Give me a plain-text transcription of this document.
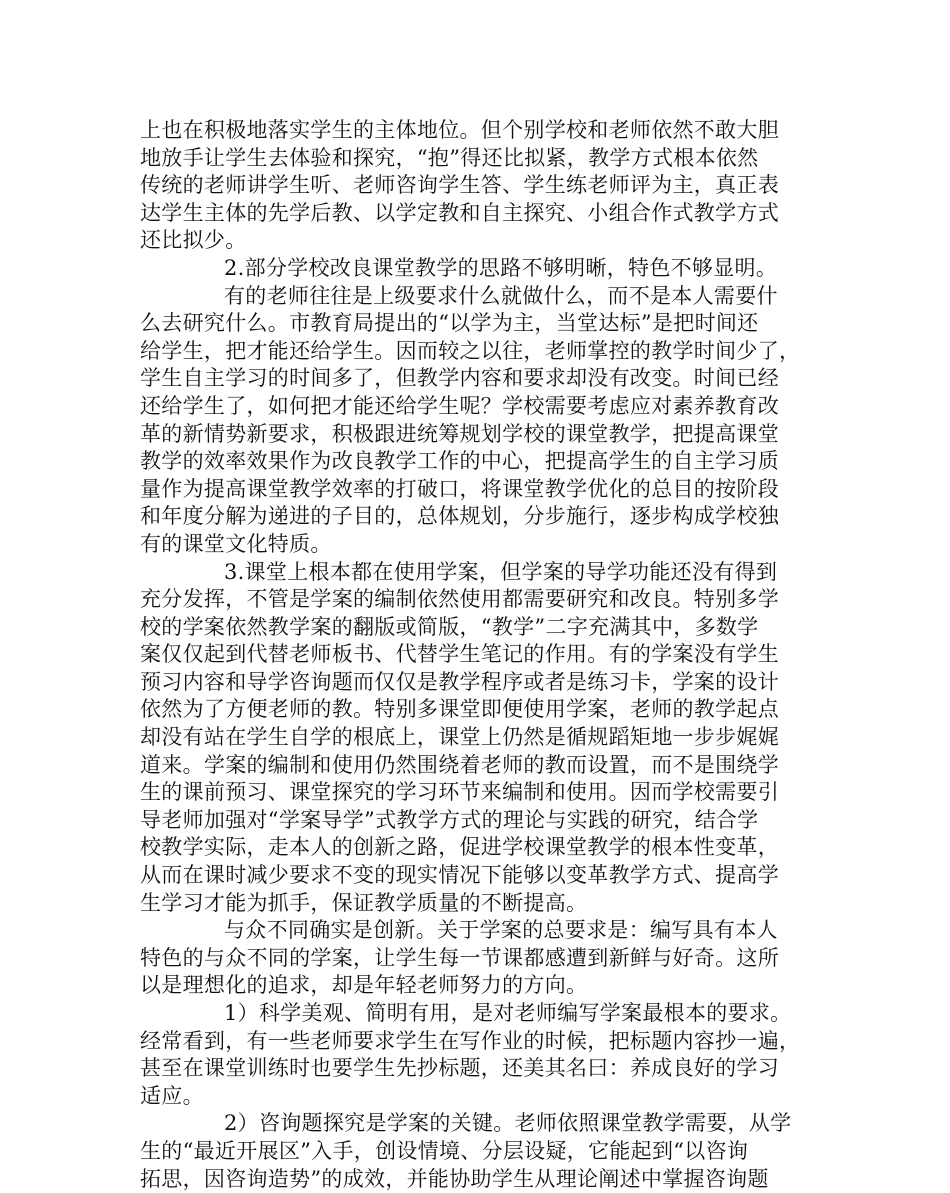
上也在积极地落实学生的主体地位。但个别学校和老师依然不敢大胆
地放手让学生去体验和探究，“抱”得还比拟紧，教学方式根本依然
传统的老师讲学生听、老师咨询学生答、学生练老师评为主，真正表
达学生主体的先学后教、以学定教和自主探究、小组合作式教学方式
还比拟少。
2.部分学校改良课堂教学的思路不够明晰，特色不够显明。
有的老师往往是上级要求什么就做什么，而不是本人需要什
么去研究什么。市教育局提出的“以学为主，当堂达标”是把时间还
给学生，把才能还给学生。因而较之以往，老师掌控的教学时间少了，
学生自主学习的时间多了，但教学内容和要求却没有改变。时间已经
还给学生了，如何把才能还给学生呢？学校需要考虑应对素养教育改
革的新情势新要求，积极跟进统筹规划学校的课堂教学，把提高课堂
教学的效率效果作为改良教学工作的中心，把提高学生的自主学习质
量作为提高课堂教学效率的打破口，将课堂教学优化的总目的按阶段
和年度分解为递进的子目的，总体规划，分步施行，逐步构成学校独
有的课堂文化特质。
3.课堂上根本都在使用学案，但学案的导学功能还没有得到
充分发挥，不管是学案的编制依然使用都需要研究和改良。特别多学
校的学案依然教学案的翻版或简版，“教学”二字充满其中，多数学
案仅仅起到代替老师板书、代替学生笔记的作用。有的学案没有学生
预习内容和导学咨询题而仅仅是教学程序或者是练习卡，学案的设计
依然为了方便老师的教。特别多课堂即便使用学案，老师的教学起点
却没有站在学生自学的根底上，课堂上仍然是循规蹈矩地一步步娓娓
道来。学案的编制和使用仍然围绕着老师的教而设置，而不是围绕学
生的课前预习、课堂探究的学习环节来编制和使用。因而学校需要引
导老师加强对“学案导学”式教学方式的理论与实践的研究，结合学
校教学实际，走本人的创新之路，促进学校课堂教学的根本性变革，
从而在课时减少要求不变的现实情况下能够以变革教学方式、提高学
生学习才能为抓手，保证教学质量的不断提高。
与众不同确实是创新。关于学案的总要求是：编写具有本人
特色的与众不同的学案，让学生每一节课都感遭到新鲜与好奇。这所
以是理想化的追求，却是年轻老师努力的方向。
1）科学美观、简明有用，是对老师编写学案最根本的要求。
经常看到，有一些老师要求学生在写作业的时候，把标题内容抄一遍，
甚至在课堂训练时也要学生先抄标题，还美其名曰：养成良好的学习
适应。
2）咨询题探究是学案的关键。老师依照课堂教学需要，从学
生的“最近开展区”入手，创设情境、分层设疑，它能起到“以咨询
拓思，因咨询造势”的成效，并能协助学生从理论阐述中掌握咨询题
